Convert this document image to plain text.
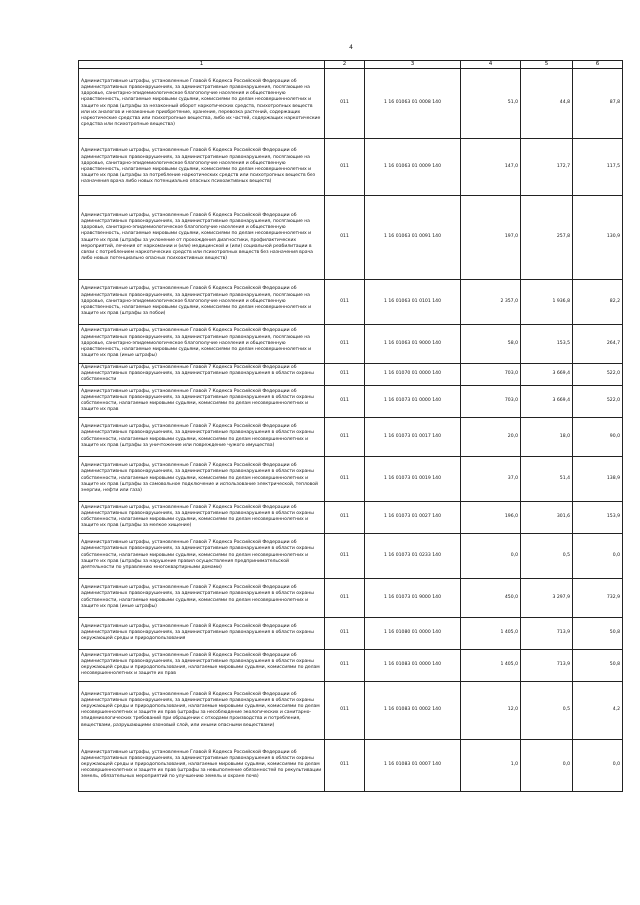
4
1	2	3	4	5	6
Административные штрафы, установленные Главой 6 Кодекса Российской Федерации об административных правонарушениях, за административные правонарушения, посягающие на здоровье, санитарно-эпидемиологическое благополучие населения и общественную нравственность, налагаемые мировыми судьями, комиссиями по делам несовершеннолетних и защите их прав (штрафы за незаконный оборот наркотических средств, психотропных веществ или их аналогов и незаконные приобретение, хранение, перевозка растений, содержащих наркотические средства или психотропные вещества, либо их частей, содержащих наркотические средства или психотропные вещества)	011	1 16 01063 01 0008 140	51,0	44,8	87,8
Административные штрафы, установленные Главой 6 Кодекса Российской Федерации об административных правонарушениях, за административные правонарушения, посягающие на здоровье, санитарно-эпидемиологическое благополучие населения и общественную нравственность, налагаемые мировыми судьями, комиссиями по делам несовершеннолетних и защите их прав (штрафы за потребление наркотических средств или психотропных веществ без назначения врача либо новых потенциально опасных психоактивных веществ)	011	1 16 01063 01 0009 140	147,0	172,7	117,5
Административные штрафы, установленные Главой 6 Кодекса Российской Федерации об административных правонарушениях, за административные правонарушения, посягающие на здоровье, санитарно-эпидемиологическое благополучие населения и общественную нравственность, налагаемые мировыми судьями, комиссиями по делам несовершеннолетних и защите их прав (штрафы за уклонение от прохождения диагностики, профилактических мероприятий, лечения от наркомании и (или) медицинской и (или) социальной реабилитации в связи с потреблением наркотических средств или психотропных веществ без назначения врача либо новых потенциально опасных психоактивных веществ)	011	1 16 01063 01 0091 140	197,0	257,8	130,9
Административные штрафы, установленные Главой 6 Кодекса Российской Федерации об административных правонарушениях, за административные правонарушения, посягающие на здоровье, санитарно-эпидемиологическое благополучие населения и общественную нравственность, налагаемые мировыми судьями, комиссиями по делам несовершеннолетних и защите их прав (штрафы за побои)	011	1 16 01063 01 0101 140	2 357,0	1 936,8	82,2
Административные штрафы, установленные Главой 6 Кодекса Российской Федерации об административных правонарушениях, за административные правонарушения, посягающие на здоровье, санитарно-эпидемиологическое благополучие населения и общественную нравственность, налагаемые мировыми судьями, комиссиями по делам несовершеннолетних и защите их прав (иные штрафы)	011	1 16 01063 01 9000 140	58,0	153,5	264,7
Административные штрафы, установленные Главой 7 Кодекса Российской Федерации об административных правонарушениях, за административные правонарушения в области охраны собственности	011	1 16 01070 01 0000 140	703,0	3 669,4	522,0
Административные штрафы, установленные Главой 7 Кодекса Российской Федерации об административных правонарушениях, за административные правонарушения в области охраны собственности, налагаемые мировыми судьями, комиссиями по делам несовершеннолетних и защите их прав	011	1 16 01073 01 0000 140	703,0	3 669,4	522,0
Административные штрафы, установленные Главой 7 Кодекса Российской Федерации об административных правонарушениях, за административные правонарушения в области охраны собственности, налагаемые мировыми судьями, комиссиями по делам несовершеннолетних и защите их прав (штрафы за уничтожение или повреждение чужого имущества)	011	1 16 01073 01 0017 140	20,0	18,0	90,0
Административные штрафы, установленные Главой 7 Кодекса Российской Федерации об административных правонарушениях, за административные правонарушения в области охраны собственности, налагаемые мировыми судьями, комиссиями по делам несовершеннолетних и защите их прав (штрафы за самовольное подключение и использование электрической, тепловой энергии, нефти или газа)	011	1 16 01073 01 0019 140	37,0	51,4	138,9
Административные штрафы, установленные Главой 7 Кодекса Российской Федерации об административных правонарушениях, за административные правонарушения в области охраны собственности, налагаемые мировыми судьями, комиссиями по делам несовершеннолетних и защите их прав (штрафы за мелкое хищение)	011	1 16 01073 01 0027 140	196,0	301,6	153,9
Административные штрафы, установленные Главой 7 Кодекса Российской Федерации об административных правонарушениях, за административные правонарушения в области охраны собственности, налагаемые мировыми судьями, комиссиями по делам несовершеннолетних и защите их прав (штрафы за нарушение правил осуществления предпринимательской деятельности по управлению многоквартирными домами)	011	1 16 01073 01 0233 140	0,0	0,5	0,0
Административные штрафы, установленные Главой 7 Кодекса Российской Федерации об административных правонарушениях, за административные правонарушения в области охраны собственности, налагаемые мировыми судьями, комиссиями по делам несовершеннолетних и защите их прав (иные штрафы)	011	1 16 01073 01 9000 140	450,0	3 297,9	732,9
Административные штрафы, установленные Главой 8 Кодекса Российской Федерации об административных правонарушениях, за административные правонарушения в области охраны окружающей среды и природопользования	011	1 16 01080 01 0000 140	1 405,0	713,9	50,8
Административные штрафы, установленные Главой 8 Кодекса Российской Федерации об административных правонарушениях, за административные правонарушения в области охраны окружающей среды и природопользования, налагаемые мировыми судьями, комиссиями по делам несовершеннолетних и защите их прав	011	1 16 01083 01 0000 140	1 405,0	713,9	50,8
Административные штрафы, установленные Главой 8 Кодекса Российской Федерации об административных правонарушениях, за административные правонарушения в области охраны окружающей среды и природопользования, налагаемые мировыми судьями, комиссиями по делам несовершеннолетних и защите их прав (штрафы за несоблюдение экологических и санитарно-эпидемиологических требований при обращении с отходами производства и потребления, веществами, разрушающими озоновый слой, или иными опасными веществами)	011	1 16 01083 01 0002 140	12,0	0,5	4,2
Административные штрафы, установленные Главой 8 Кодекса Российской Федерации об административных правонарушениях, за административные правонарушения в области охраны окружающей среды и природопользования, налагаемые мировыми судьями, комиссиями по делам несовершеннолетних и защите их прав (штрафы за невыполнение обязанностей по рекультивации земель, обязательных мероприятий по улучшению земель и охране почв)	011	1 16 01083 01 0007 140	1,0	0,0	0,0
